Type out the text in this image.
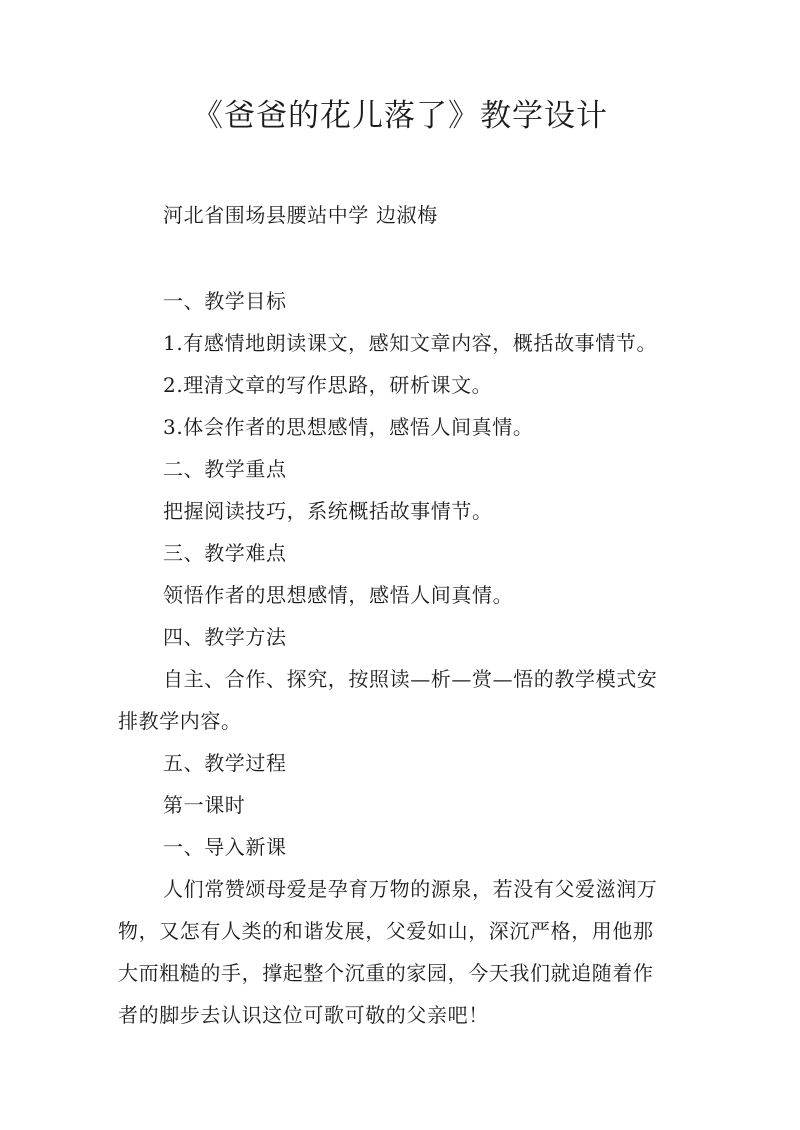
《爸爸的花儿落了》教学设计
河北省围场县腰站中学 边淑梅
一、教学目标
1.有感情地朗读课文，感知文章内容，概括故事情节。
2.理清文章的写作思路，研析课文。
3.体会作者的思想感情，感悟人间真情。
二、教学重点
把握阅读技巧，系统概括故事情节。
三、教学难点
领悟作者的思想感情，感悟人间真情。
四、教学方法
自主、合作、探究，按照读—析—赏—悟的教学模式安
排教学内容。
五、教学过程
第一课时
一、导入新课
人们常赞颂母爱是孕育万物的源泉，若没有父爱滋润万
物，又怎有人类的和谐发展，父爱如山，深沉严格，用他那
大而粗糙的手，撑起整个沉重的家园，今天我们就追随着作
者的脚步去认识这位可歌可敬的父亲吧！
